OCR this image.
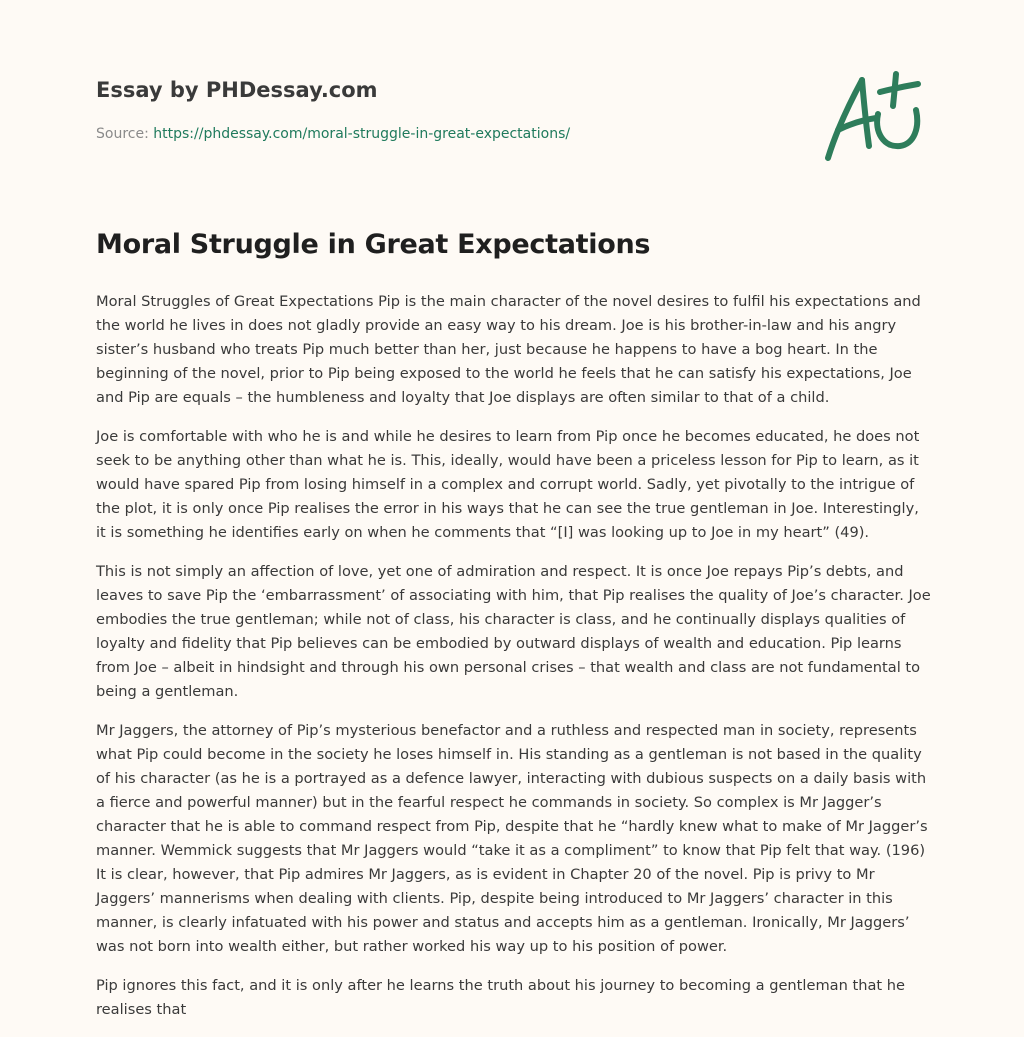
Essay by PHDessay.com
Source: https://phdessay.com/moral-struggle-in-great-expectations/
Moral Struggle in Great Expectations

Moral Struggles of Great Expectations Pip is the main character of the novel desires to fulfil his expectations and the world he lives in does not gladly provide an easy way to his dream. Joe is his brother-in-law and his angry sister’s husband who treats Pip much better than her, just because he happens to have a bog heart. In the beginning of the novel, prior to Pip being exposed to the world he feels that he can satisfy his expectations, Joe and Pip are equals – the humbleness and loyalty that Joe displays are often similar to that of a child.

Joe is comfortable with who he is and while he desires to learn from Pip once he becomes educated, he does not seek to be anything other than what he is. This, ideally, would have been a priceless lesson for Pip to learn, as it would have spared Pip from losing himself in a complex and corrupt world. Sadly, yet pivotally to the intrigue of the plot, it is only once Pip realises the error in his ways that he can see the true gentleman in Joe. Interestingly, it is something he identifies early on when he comments that “[I] was looking up to Joe in my heart” (49).

This is not simply an affection of love, yet one of admiration and respect. It is once Joe repays Pip’s debts, and leaves to save Pip the ‘embarrassment’ of associating with him, that Pip realises the quality of Joe’s character. Joe embodies the true gentleman; while not of class, his character is class, and he continually displays qualities of loyalty and fidelity that Pip believes can be embodied by outward displays of wealth and education. Pip learns from Joe – albeit in hindsight and through his own personal crises – that wealth and class are not fundamental to being a gentleman.

Mr Jaggers, the attorney of Pip’s mysterious benefactor and a ruthless and respected man in society, represents what Pip could become in the society he loses himself in. His standing as a gentleman is not based in the quality of his character (as he is a portrayed as a defence lawyer, interacting with dubious suspects on a daily basis with a fierce and powerful manner) but in the fearful respect he commands in society. So complex is Mr Jagger’s character that he is able to command respect from Pip, despite that he “hardly knew what to make of Mr Jagger’s manner. Wemmick suggests that Mr Jaggers would “take it as a compliment” to know that Pip felt that way. (196) It is clear, however, that Pip admires Mr Jaggers, as is evident in Chapter 20 of the novel. Pip is privy to Mr Jaggers’ mannerisms when dealing with clients. Pip, despite being introduced to Mr Jaggers’ character in this manner, is clearly infatuated with his power and status and accepts him as a gentleman. Ironically, Mr Jaggers’ was not born into wealth either, but rather worked his way up to his position of power.

Pip ignores this fact, and it is only after he learns the truth about his journey to becoming a gentleman that he realises that
